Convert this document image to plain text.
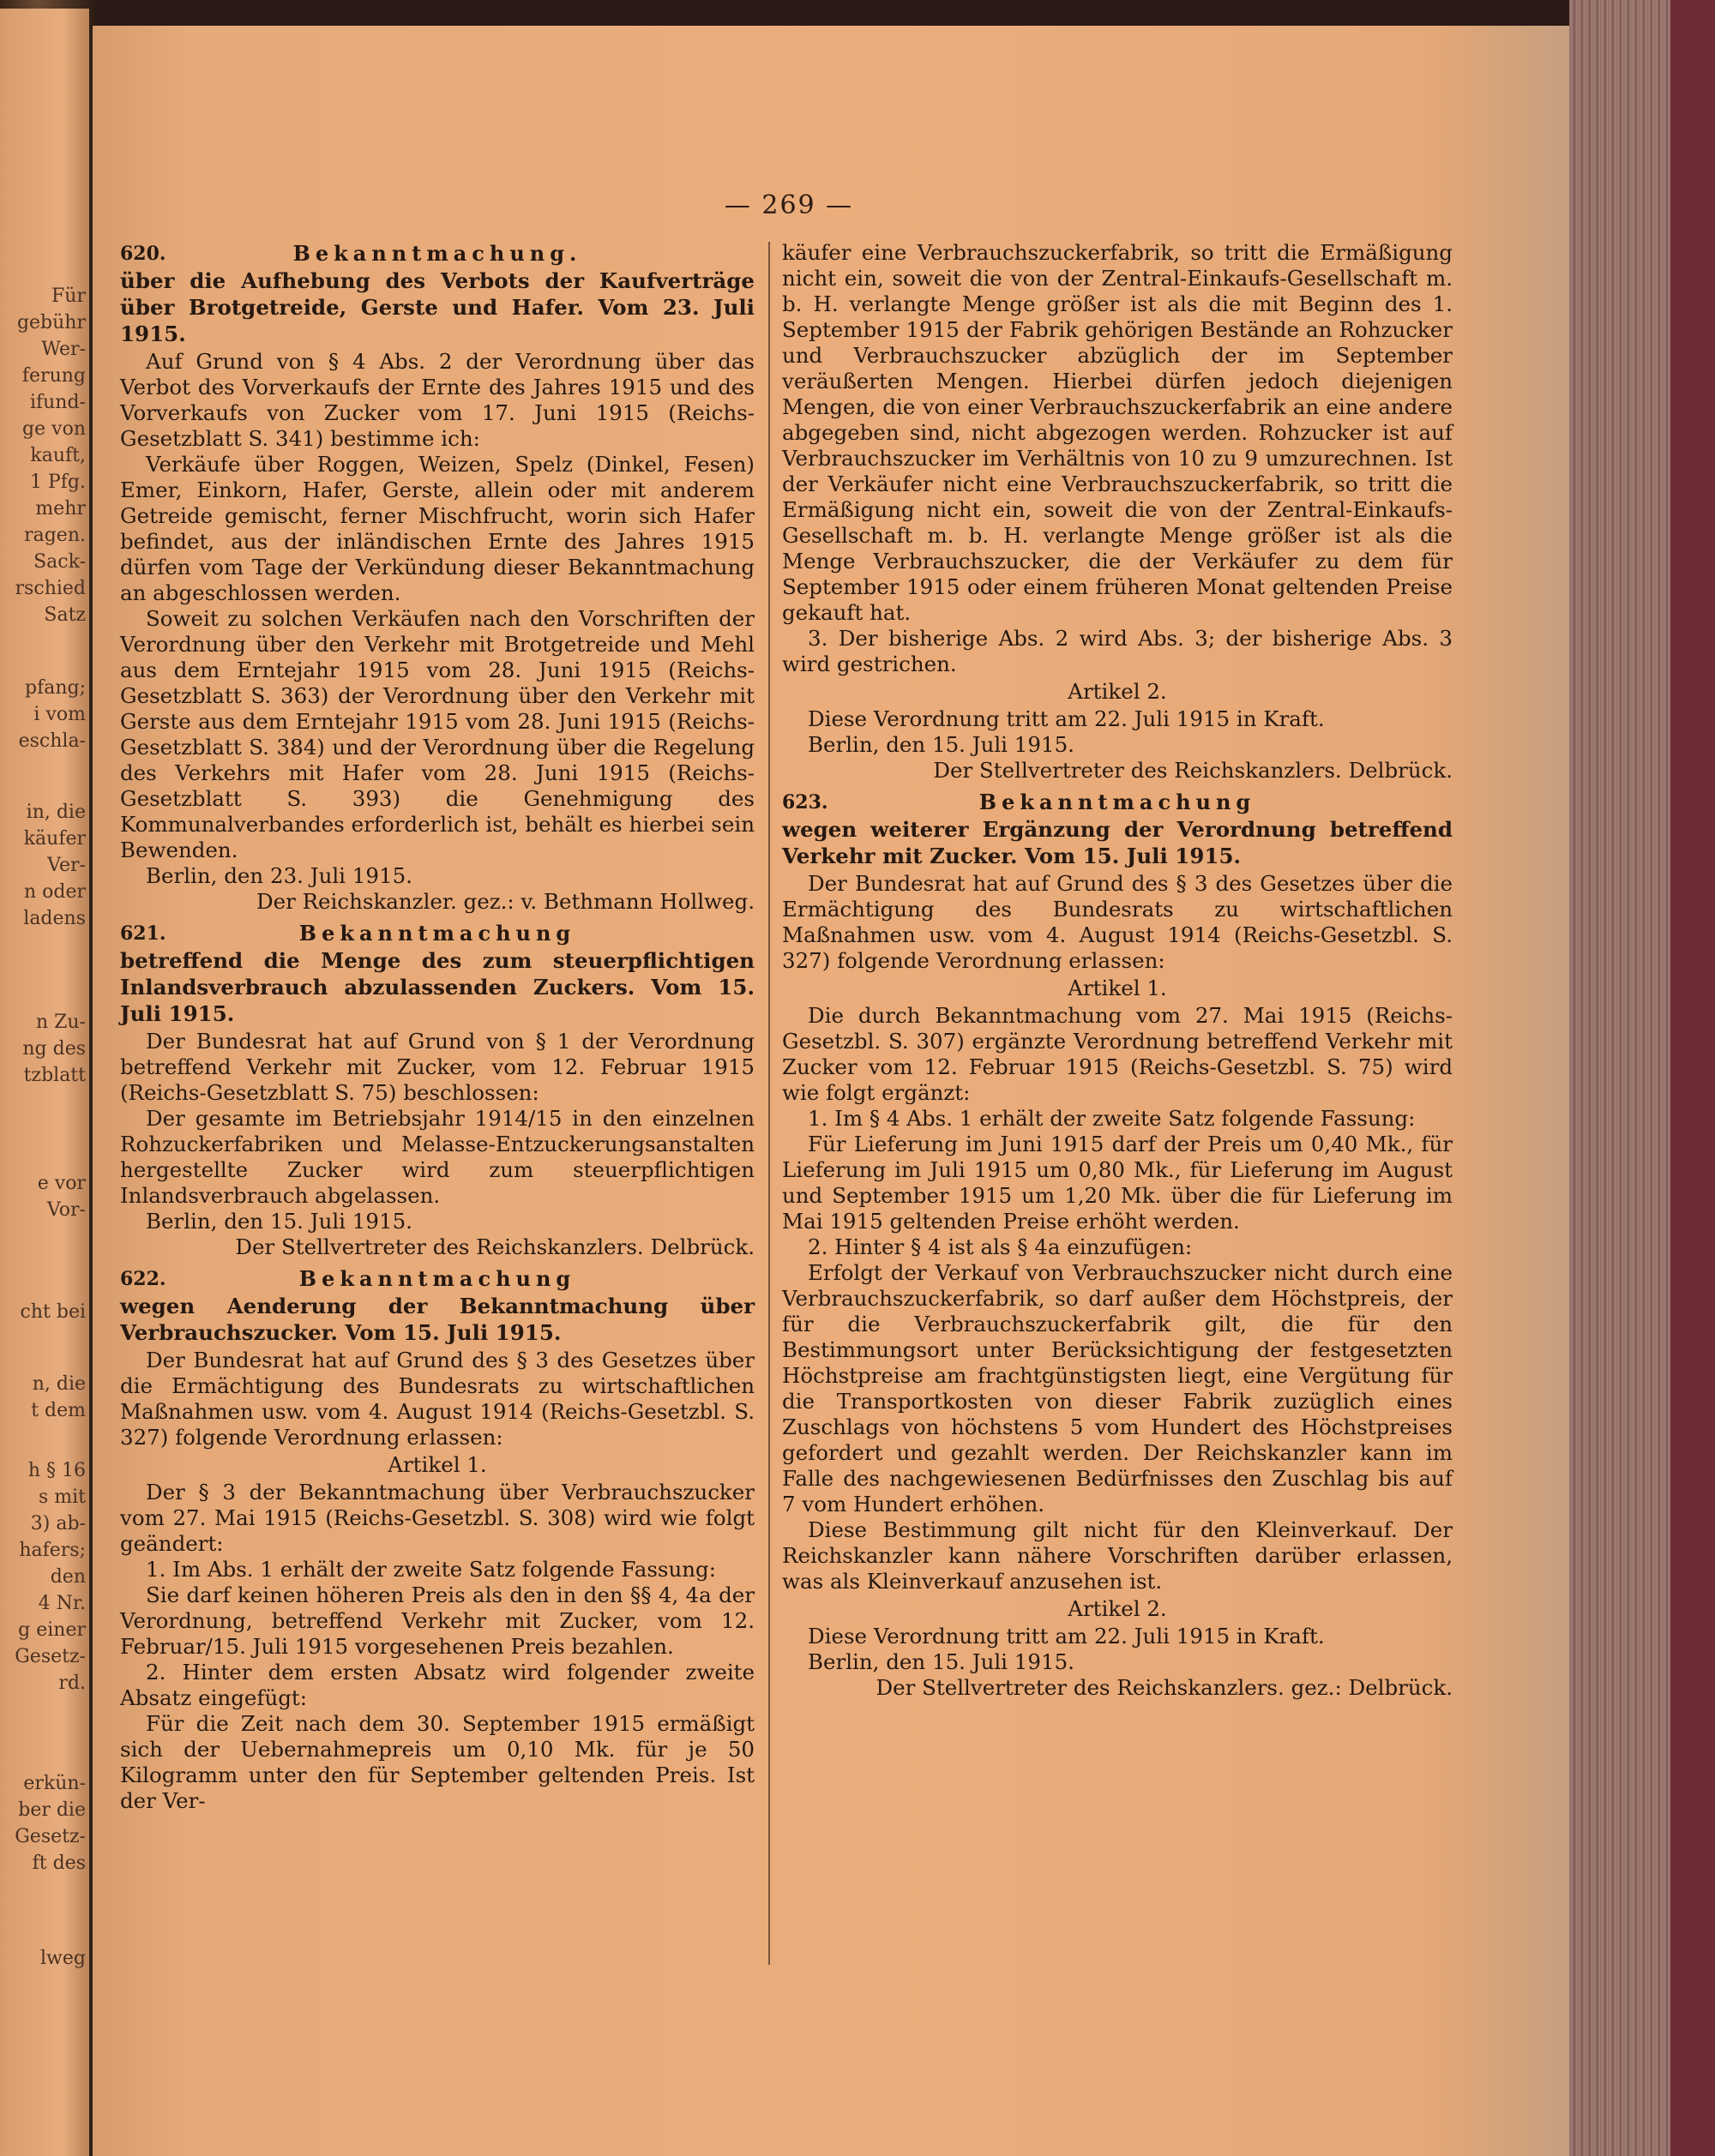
Für
gebühr
Wer-
ferung
ifund-
ge von
kauft,
1 Pfg.
mehr
ragen.
Sack-
rschied
Satz
pfang;
i vom
eschla-
in, die
käufer
Ver-
n oder
ladens
n Zu-
ng des
tzblatt
e vor
Vor-
cht bei
n, die
t dem
h § 16
s mit
3) ab-
hafers;
den
4 Nr.
g einer
Gesetz-
rd.
erkün-
ber die
Gesetz-
ft des
lweg
— 269 —
620.	Bekanntmachung.
über die Aufhebung des Verbots der Kaufverträge über Brotgetreide, Gerste und Hafer. Vom 23. Juli 1915.

Auf Grund von § 4 Abs. 2 der Verordnung über das Verbot des Vorverkaufs der Ernte des Jahres 1915 und des Vorverkaufs von Zucker vom 17. Juni 1915 (Reichs-Gesetzblatt S. 341) bestimme ich:

Verkäufe über Roggen, Weizen, Spelz (Dinkel, Fesen) Emer, Einkorn, Hafer, Gerste, allein oder mit anderem Getreide gemischt, ferner Mischfrucht, worin sich Hafer befindet, aus der inländischen Ernte des Jahres 1915 dürfen vom Tage der Verkündung dieser Bekanntmachung an abgeschlossen werden.

Soweit zu solchen Verkäufen nach den Vorschriften der Verordnung über den Verkehr mit Brotgetreide und Mehl aus dem Erntejahr 1915 vom 28. Juni 1915 (Reichs-Gesetzblatt S. 363) der Verordnung über den Verkehr mit Gerste aus dem Erntejahr 1915 vom 28. Juni 1915 (Reichs-Gesetzblatt S. 384) und der Verordnung über die Regelung des Verkehrs mit Hafer vom 28. Juni 1915 (Reichs-Gesetzblatt S. 393) die Genehmigung des Kommunalverbandes erforderlich ist, behält es hierbei sein Bewenden.

Berlin, den 23. Juli 1915.
Der Reichskanzler. gez.: v. Bethmann Hollweg.
621.	Bekanntmachung
betreffend die Menge des zum steuerpflichtigen Inlandsverbrauch abzulassenden Zuckers. Vom 15. Juli 1915.

Der Bundesrat hat auf Grund von § 1 der Verordnung betreffend Verkehr mit Zucker, vom 12. Februar 1915 (Reichs-Gesetzblatt S. 75) beschlossen:

Der gesamte im Betriebsjahr 1914/15 in den einzelnen Rohzuckerfabriken und Melasse-Entzuckerungsanstalten hergestellte Zucker wird zum steuerpflichtigen Inlandsverbrauch abgelassen.

Berlin, den 15. Juli 1915.
Der Stellvertreter des Reichskanzlers. Delbrück.
622.	Bekanntmachung
wegen Aenderung der Bekanntmachung über Verbrauchszucker. Vom 15. Juli 1915.

Der Bundesrat hat auf Grund des § 3 des Gesetzes über die Ermächtigung des Bundesrats zu wirtschaftlichen Maßnahmen usw. vom 4. August 1914 (Reichs-Gesetzbl. S. 327) folgende Verordnung erlassen:

Artikel 1.

Der § 3 der Bekanntmachung über Verbrauchszucker vom 27. Mai 1915 (Reichs-Gesetzbl. S. 308) wird wie folgt geändert:

1. Im Abs. 1 erhält der zweite Satz folgende Fassung:

Sie darf keinen höheren Preis als den in den §§ 4, 4a der Verordnung, betreffend Verkehr mit Zucker, vom 12. Februar/15. Juli 1915 vorgesehenen Preis bezahlen.

2. Hinter dem ersten Absatz wird folgender zweite Absatz eingefügt:

Für die Zeit nach dem 30. September 1915 ermäßigt sich der Uebernahmepreis um 0,10 Mk. für je 50 Kilogramm unter den für September geltenden Preis. Ist der Ver-

käufer eine Verbrauchszuckerfabrik, so tritt die Ermäßigung nicht ein, soweit die von der Zentral-Einkaufs-Gesellschaft m. b. H. verlangte Menge größer ist als die mit Beginn des 1. September 1915 der Fabrik gehörigen Bestände an Rohzucker und Verbrauchszucker abzüglich der im September veräußerten Mengen. Hierbei dürfen jedoch diejenigen Mengen, die von einer Verbrauchszuckerfabrik an eine andere abgegeben sind, nicht abgezogen werden. Rohzucker ist auf Verbrauchszucker im Verhältnis von 10 zu 9 umzurechnen. Ist der Verkäufer nicht eine Verbrauchszuckerfabrik, so tritt die Ermäßigung nicht ein, soweit die von der Zentral-Einkaufs-Gesellschaft m. b. H. verlangte Menge größer ist als die Menge Verbrauchszucker, die der Verkäufer zu dem für September 1915 oder einem früheren Monat geltenden Preise gekauft hat.

3. Der bisherige Abs. 2 wird Abs. 3; der bisherige Abs. 3 wird gestrichen.

Artikel 2.

Diese Verordnung tritt am 22. Juli 1915 in Kraft.

Berlin, den 15. Juli 1915.
Der Stellvertreter des Reichskanzlers. Delbrück.
623.	Bekanntmachung
wegen weiterer Ergänzung der Verordnung betreffend Verkehr mit Zucker. Vom 15. Juli 1915.

Der Bundesrat hat auf Grund des § 3 des Gesetzes über die Ermächtigung des Bundesrats zu wirtschaftlichen Maßnahmen usw. vom 4. August 1914 (Reichs-Gesetzbl. S. 327) folgende Verordnung erlassen:

Artikel 1.

Die durch Bekanntmachung vom 27. Mai 1915 (Reichs-Gesetzbl. S. 307) ergänzte Verordnung betreffend Verkehr mit Zucker vom 12. Februar 1915 (Reichs-Gesetzbl. S. 75) wird wie folgt ergänzt:

1. Im § 4 Abs. 1 erhält der zweite Satz folgende Fassung:

Für Lieferung im Juni 1915 darf der Preis um 0,40 Mk., für Lieferung im Juli 1915 um 0,80 Mk., für Lieferung im August und September 1915 um 1,20 Mk. über die für Lieferung im Mai 1915 geltenden Preise erhöht werden.

2. Hinter § 4 ist als § 4a einzufügen:

Erfolgt der Verkauf von Verbrauchszucker nicht durch eine Verbrauchszuckerfabrik, so darf außer dem Höchstpreis, der für die Verbrauchszuckerfabrik gilt, die für den Bestimmungsort unter Berücksichtigung der festgesetzten Höchstpreise am frachtgünstigsten liegt, eine Vergütung für die Transportkosten von dieser Fabrik zuzüglich eines Zuschlags von höchstens 5 vom Hundert des Höchstpreises gefordert und gezahlt werden. Der Reichskanzler kann im Falle des nachgewiesenen Bedürfnisses den Zuschlag bis auf 7 vom Hundert erhöhen.

Diese Bestimmung gilt nicht für den Kleinverkauf. Der Reichskanzler kann nähere Vorschriften darüber erlassen, was als Kleinverkauf anzusehen ist.

Artikel 2.

Diese Verordnung tritt am 22. Juli 1915 in Kraft.

Berlin, den 15. Juli 1915.
Der Stellvertreter des Reichskanzlers. gez.: Delbrück.
